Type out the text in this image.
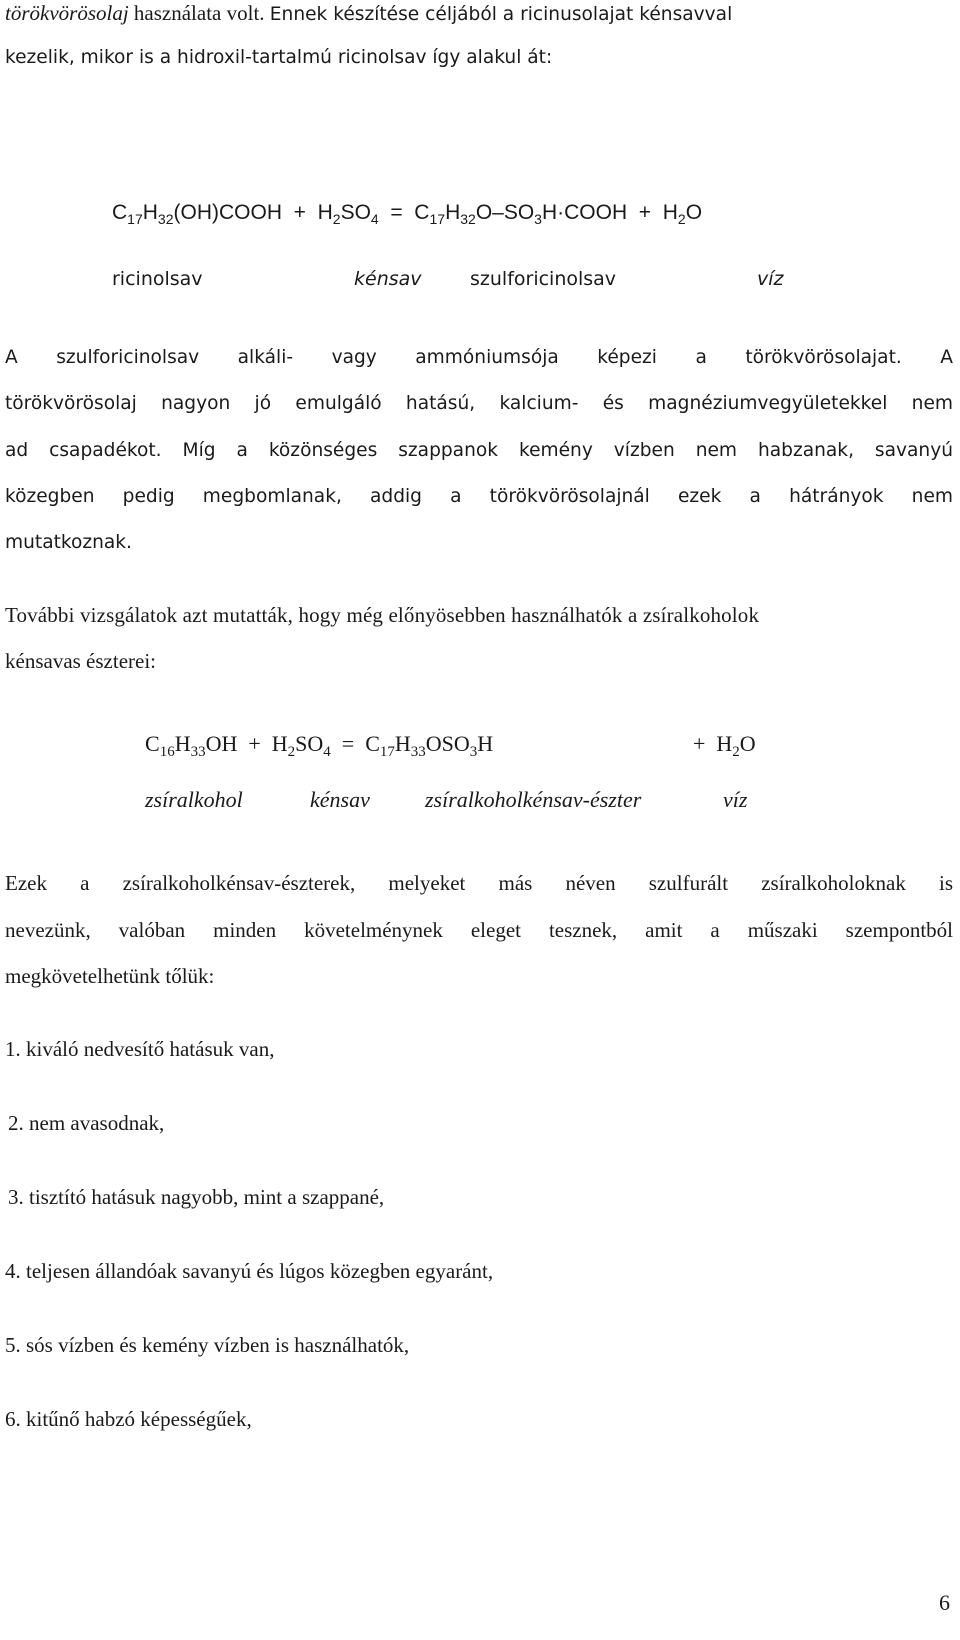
törökvörösolaj használata volt. Ennek készítése céljából a ricinusolajat kénsavval
kezelik, mikor is a hidroxil-tartalmú ricinolsav így alakul át:
$C_{17}H_{32}(OH)COOH + H_2SO_4$  =  $C_{17}H_{32}O-SO_3H\cdot COOH + H_2O$
ricinolsav	kénsav	szulforicinolsav	víz
A szulforicinolsav alkáli- vagy ammóniumsója képezi a törökvörösolajat. A
törökvörösolaj nagyon jó emulgáló hatású, kalcium- és magnéziumvegyületekkel nem
ad csapadékot. Míg a közönséges szappanok kemény vízben nem habzanak, savanyú
közegben pedig megbomlanak, addig a törökvörösolajnál ezek a hátrányok nem
mutatkoznak.
További vizsgálatok azt mutatták, hogy még előnyösebben használhatók a zsíralkoholok
kénsavas észterei:
$C_{16}H_{33}OH + H_2SO_4 = C_{17}H_{33}OSO_3H$	+  $H_2O$
zsíralkohol	kénsav	zsíralkoholkénsav-észter	víz
Ezek a zsíralkoholkénsav-észterek, melyeket más néven szulfurált zsíralkoholoknak is
nevezünk, valóban minden követelménynek eleget tesznek, amit a műszaki szempontból
megkövetelhetünk tőlük:
1. kiváló nedvesítő hatásuk van,
2. nem avasodnak,
3. tisztító hatásuk nagyobb, mint a szappané,
4. teljesen állandóak savanyú és lúgos közegben egyaránt,
5. sós vízben és kemény vízben is használhatók,
6. kitűnő habzó képességűek,
6
